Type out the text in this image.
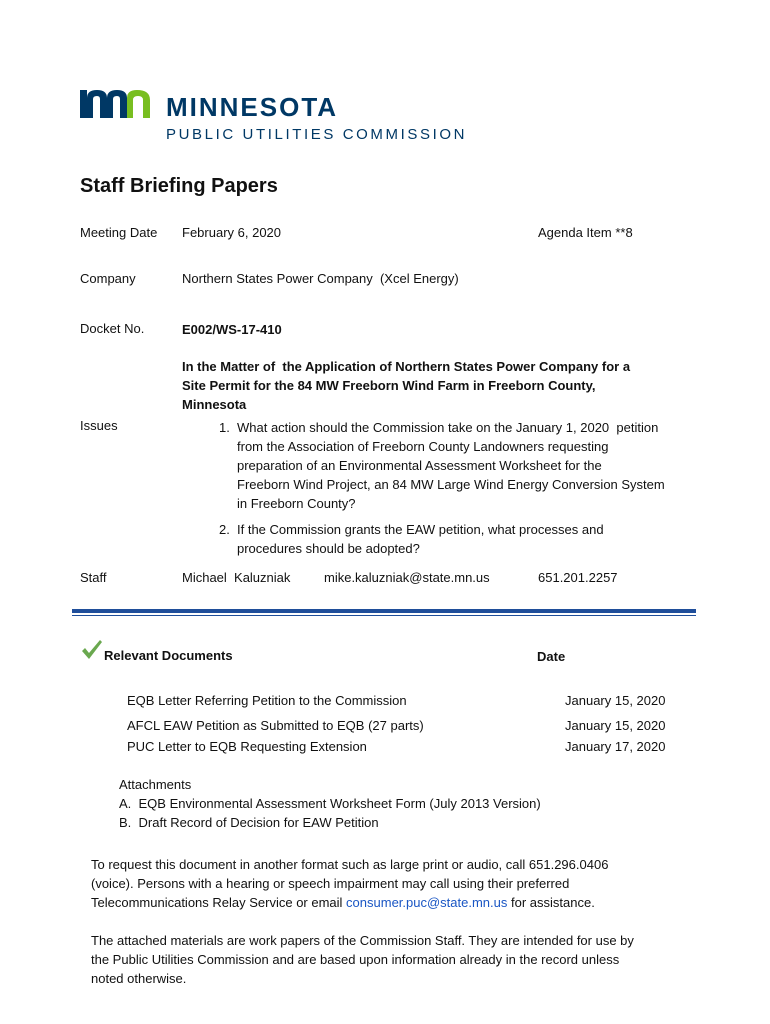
MINNESOTA
PUBLIC UTILITIES COMMISSION
Staff Briefing Papers
Meeting Date February 6, 2020	Agenda Item **8
Company	Northern States Power Company  (Xcel Energy)
Docket No.	E002/WS-17-410
In the Matter of  the Application of Northern States Power Company for a
Site Permit for the 84 MW Freeborn Wind Farm in Freeborn County,
Minnesota
Issues	1. What action should the Commission take on the January 1, 2020  petition
from the Association of Freeborn County Landowners requesting
preparation of an Environmental Assessment Worksheet for the
Freeborn Wind Project, an 84 MW Large Wind Energy Conversion System
in Freeborn County?
2. If the Commission grants the EAW petition, what processes and
procedures should be adopted?
Staff	Michael  Kaluzniak	mike.kaluzniak@state.mn.us	651.201.2257
Relevant Documents	Date
EQB Letter Referring Petition to the Commission	January 15, 2020
AFCL EAW Petition as Submitted to EQB (27 parts)	January 15, 2020
PUC Letter to EQB Requesting Extension	January 17, 2020
Attachments
A.  EQB Environmental Assessment Worksheet Form (July 2013 Version)
B.  Draft Record of Decision for EAW Petition
To request this document in another format such as large print or audio, call 651.296.0406
(voice). Persons with a hearing or speech impairment may call using their preferred
Telecommunications Relay Service or email consumer.puc@state.mn.us for assistance.
The attached materials are work papers of the Commission Staff. They are intended for use by
the Public Utilities Commission and are based upon information already in the record unless
noted otherwise.
